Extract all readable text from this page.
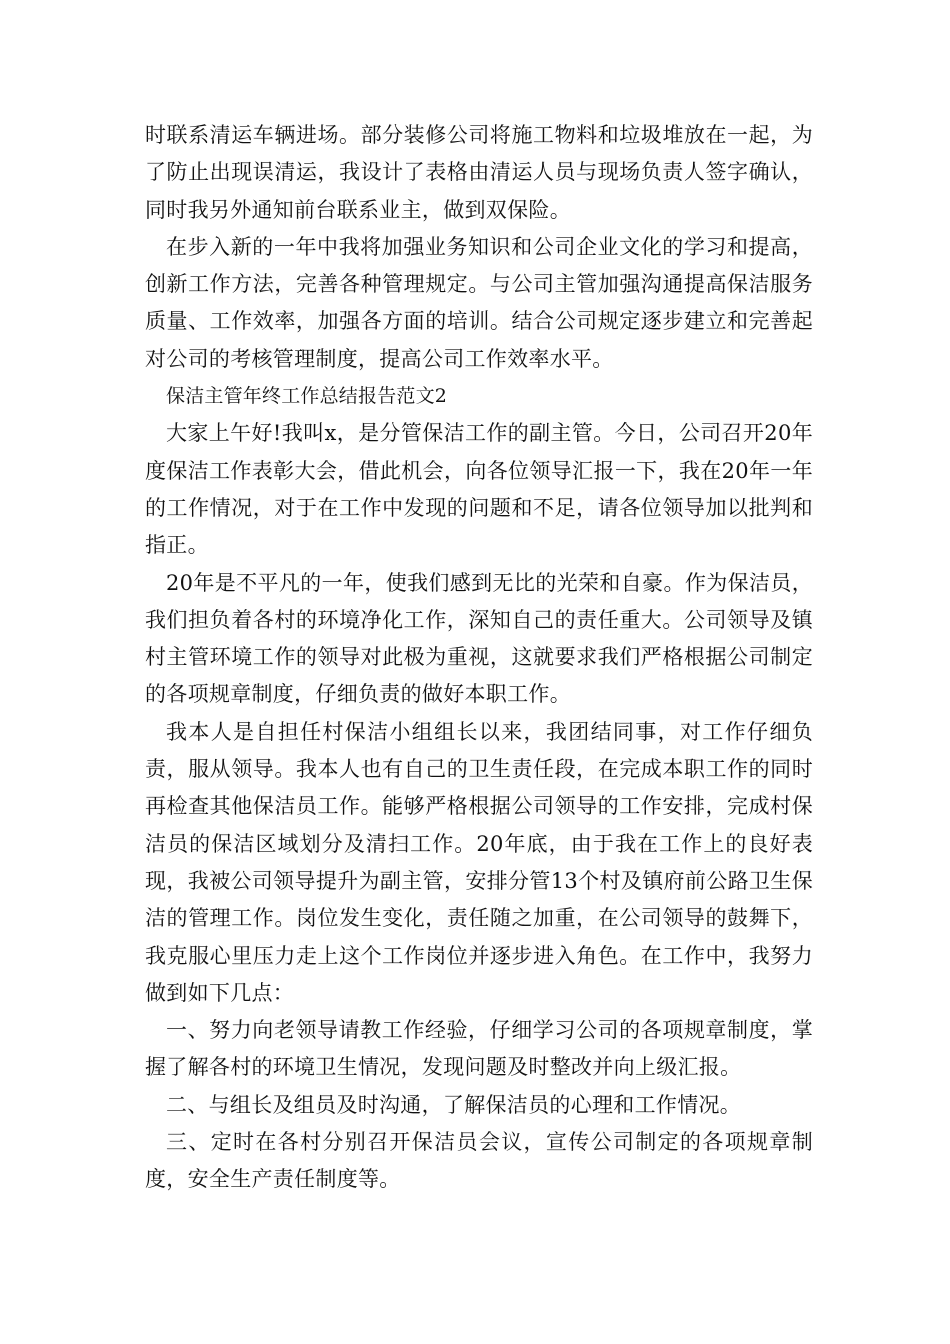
时联系清运车辆进场。部分装修公司将施工物料和垃圾堆放在一起，为了防止出现误清运，我设计了表格由清运人员与现场负责人签字确认，同时我另外通知前台联系业主，做到双保险。

在步入新的一年中我将加强业务知识和公司企业文化的学习和提高，创新工作方法，完善各种管理规定。与公司主管加强沟通提高保洁服务质量、工作效率，加强各方面的培训。结合公司规定逐步建立和完善起对公司的考核管理制度，提高公司工作效率水平。

保洁主管年终工作总结报告范文2

大家上午好!我叫x，是分管保洁工作的副主管。今日，公司召开20年度保洁工作表彰大会，借此机会，向各位领导汇报一下，我在20年一年的工作情况，对于在工作中发现的问题和不足，请各位领导加以批判和指正。

20年是不平凡的一年，使我们感到无比的光荣和自豪。作为保洁员，我们担负着各村的环境净化工作，深知自己的责任重大。公司领导及镇村主管环境工作的领导对此极为重视，这就要求我们严格根据公司制定的各项规章制度，仔细负责的做好本职工作。

我本人是自担任村保洁小组组长以来，我团结同事，对工作仔细负责，服从领导。我本人也有自己的卫生责任段，在完成本职工作的同时再检查其他保洁员工作。能够严格根据公司领导的工作安排，完成村保洁员的保洁区域划分及清扫工作。20年底，由于我在工作上的良好表现，我被公司领导提升为副主管，安排分管13个村及镇府前公路卫生保洁的管理工作。岗位发生变化，责任随之加重，在公司领导的鼓舞下，我克服心里压力走上这个工作岗位并逐步进入角色。在工作中，我努力做到如下几点：

一、努力向老领导请教工作经验，仔细学习公司的各项规章制度，掌握了解各村的环境卫生情况，发现问题及时整改并向上级汇报。

二、与组长及组员及时沟通，了解保洁员的心理和工作情况。

三、定时在各村分别召开保洁员会议，宣传公司制定的各项规章制度，安全生产责任制度等。
